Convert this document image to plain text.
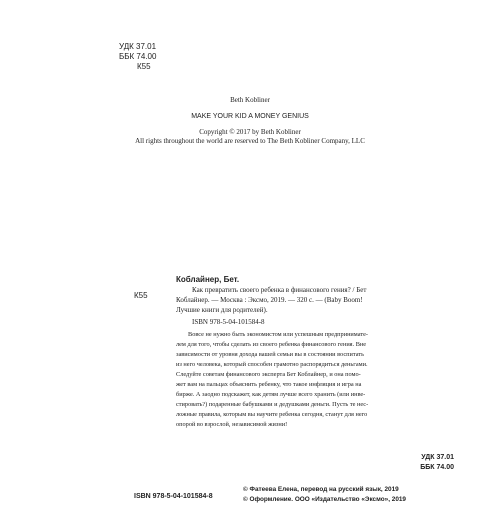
УДК 37.01
ББК 74.00
К55
Beth Kobliner
MAKE YOUR KID A MONEY GENIUS
Copyright © 2017 by Beth Kobliner
All rights throughout the world are reserved to The Beth Kobliner Company, LLC
К55
Коблайнер, Бет.
Как превратить своего ребенка в финансового гения? / Бет
Коблайнер. — Москва : Эксмо, 2019. — 320 с. — (Baby Boom!
Лучшие книги для родителей).
ISBN 978-5-04-101584-8
Вовсе не нужно быть экономистом или успешным предпринимате-
лем для того, чтобы сделать из своего ребенка финансового гения. Вне
зависимости от уровня дохода вашей семьи вы в состоянии воспитать
из него человека, который способен грамотно распорядиться деньгами.
Следуйте советам финансового эксперта Бет Коблайнер, и она помо-
жет вам на пальцах объяснить ребенку, что такое инфляция и игра на
бирже. А заодно подскажет, как детям лучше всего хранить (или инве-
стировать?) подаренные бабушками и дедушками деньги. Пусть те нес-
ложные правила, которым вы научите ребенка сегодня, станут для него
опорой во взрослой, независимой жизни!
УДК 37.01
ББК 74.00
ISBN 978-5-04-101584-8
© Фатеева Елена, перевод на русский язык, 2019
© Оформление. ООО «Издательство «Эксмо», 2019
